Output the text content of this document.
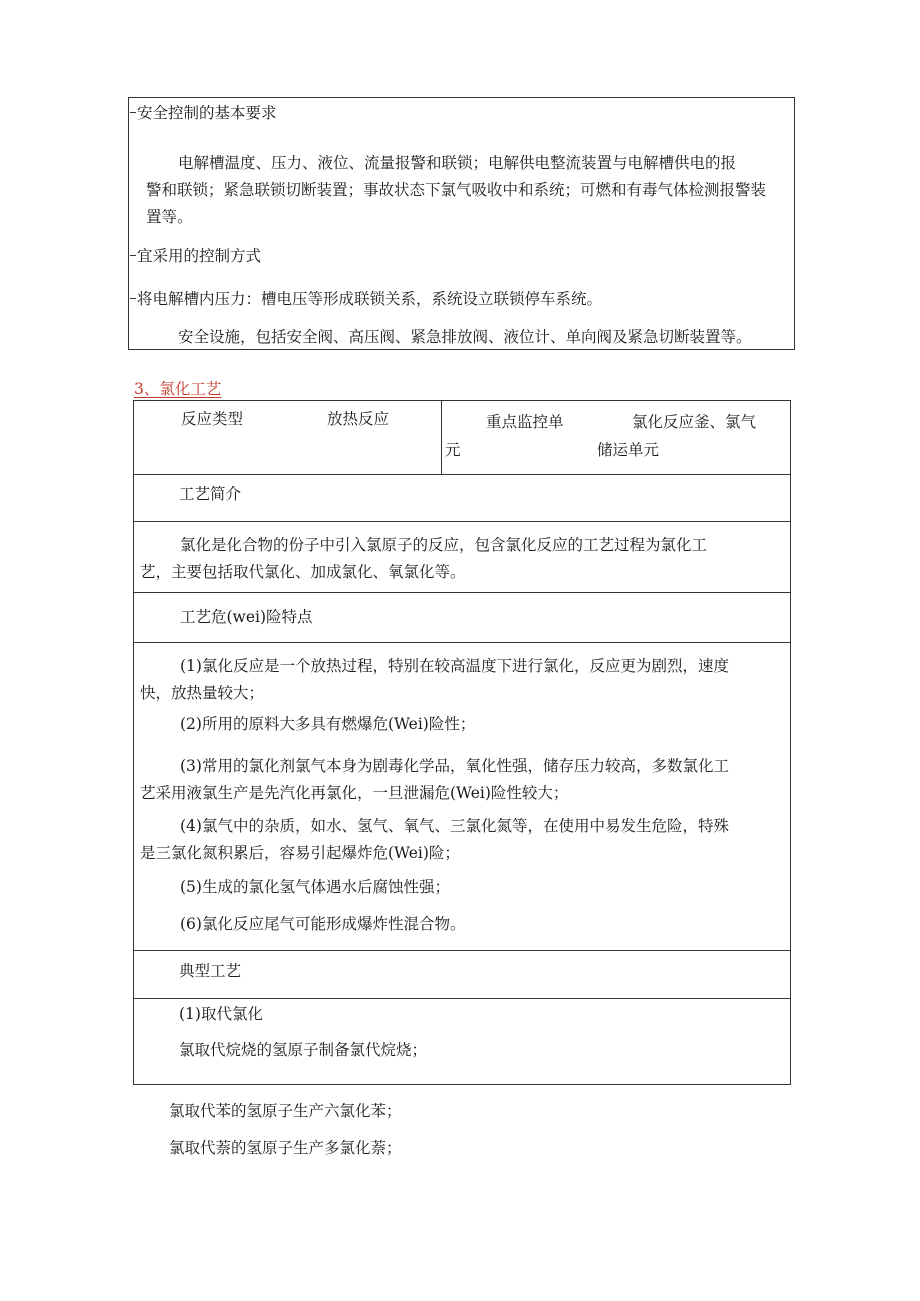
安全控制的基本要求
电解槽温度、压力、液位、流量报警和联锁；电解供电整流装置与电解槽供电的报
警和联锁；紧急联锁切断装置；事故状态下氯气吸收中和系统；可燃和有毒气体检测报警装
置等。
宜采用的控制方式
将电解槽内压力：槽电压等形成联锁关系，系统设立联锁停车系统。
安全设施，包括安全阀、高压阀、紧急排放阀、液位计、单向阀及紧急切断装置等。
3、氯化工艺
反应类型	放热反应	重点监控单
元
氯化反应釜、氯气
储运单元
工艺简介
氯化是化合物的份子中引入氯原子的反应，包含氯化反应的工艺过程为氯化工
艺，主要包括取代氯化、加成氯化、氧氯化等。
工艺危(wei)险特点
(1)氯化反应是一个放热过程，特别在较高温度下进行氯化，反应更为剧烈，速度
快，放热量较大；
(2)所用的原料大多具有燃爆危(Wei)险性；
(3)常用的氯化剂氯气本身为剧毒化学品，氧化性强，储存压力较高，多数氯化工
艺采用液氯生产是先汽化再氯化，一旦泄漏危(Wei)险性较大；
(4)氯气中的杂质，如水、氢气、氧气、三氯化氮等，在使用中易发生危险，特殊
是三氯化氮积累后，容易引起爆炸危(Wei)险；
(5)生成的氯化氢气体遇水后腐蚀性强；
(6)氯化反应尾气可能形成爆炸性混合物。
典型工艺
(1)取代氯化
氯取代烷烧的氢原子制备氯代烷烧；
氯取代苯的氢原子生产六氯化苯；
氯取代萘的氢原子生产多氯化萘；
